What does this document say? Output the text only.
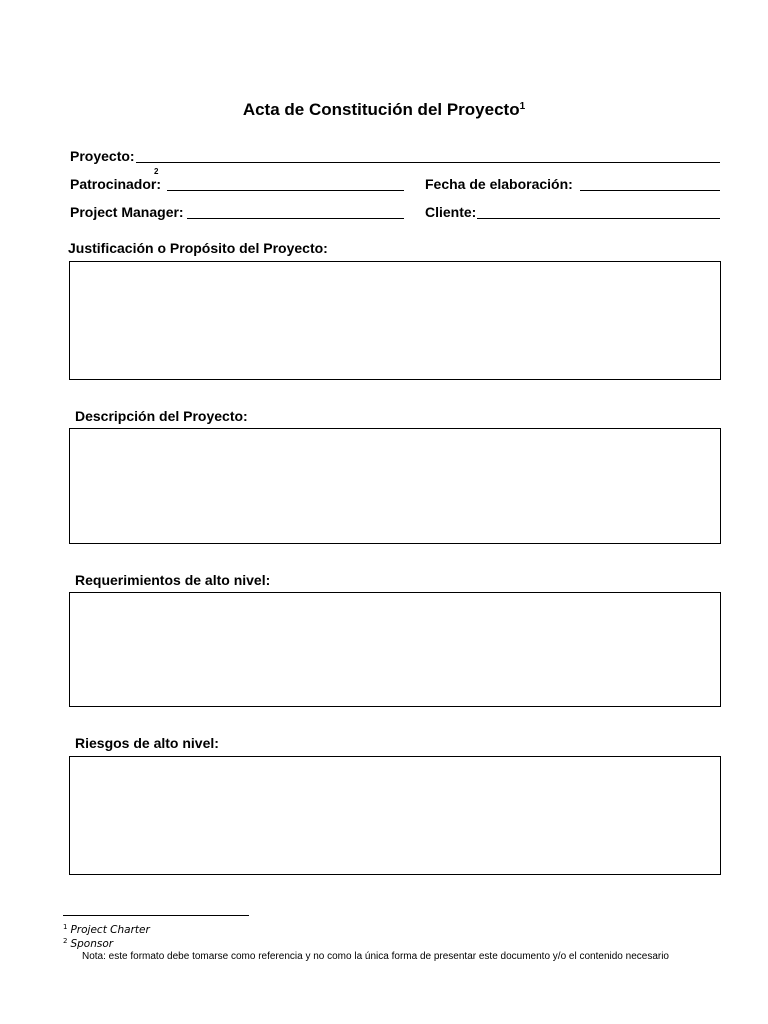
Acta de Constitución del Proyecto$^1$
Proyecto:
Patrocinador:
2
Fecha de elaboración:
Project Manager:	Cliente:
Justificación o Propósito del Proyecto:
Descripción del Proyecto:
Requerimientos de alto nivel:
Riesgos de alto nivel:
$^1$ Project Charter
$^2$ Sponsor
Nota: este formato debe tomarse como referencia y no como la única forma de presentar este documento y/o el contenido necesario
